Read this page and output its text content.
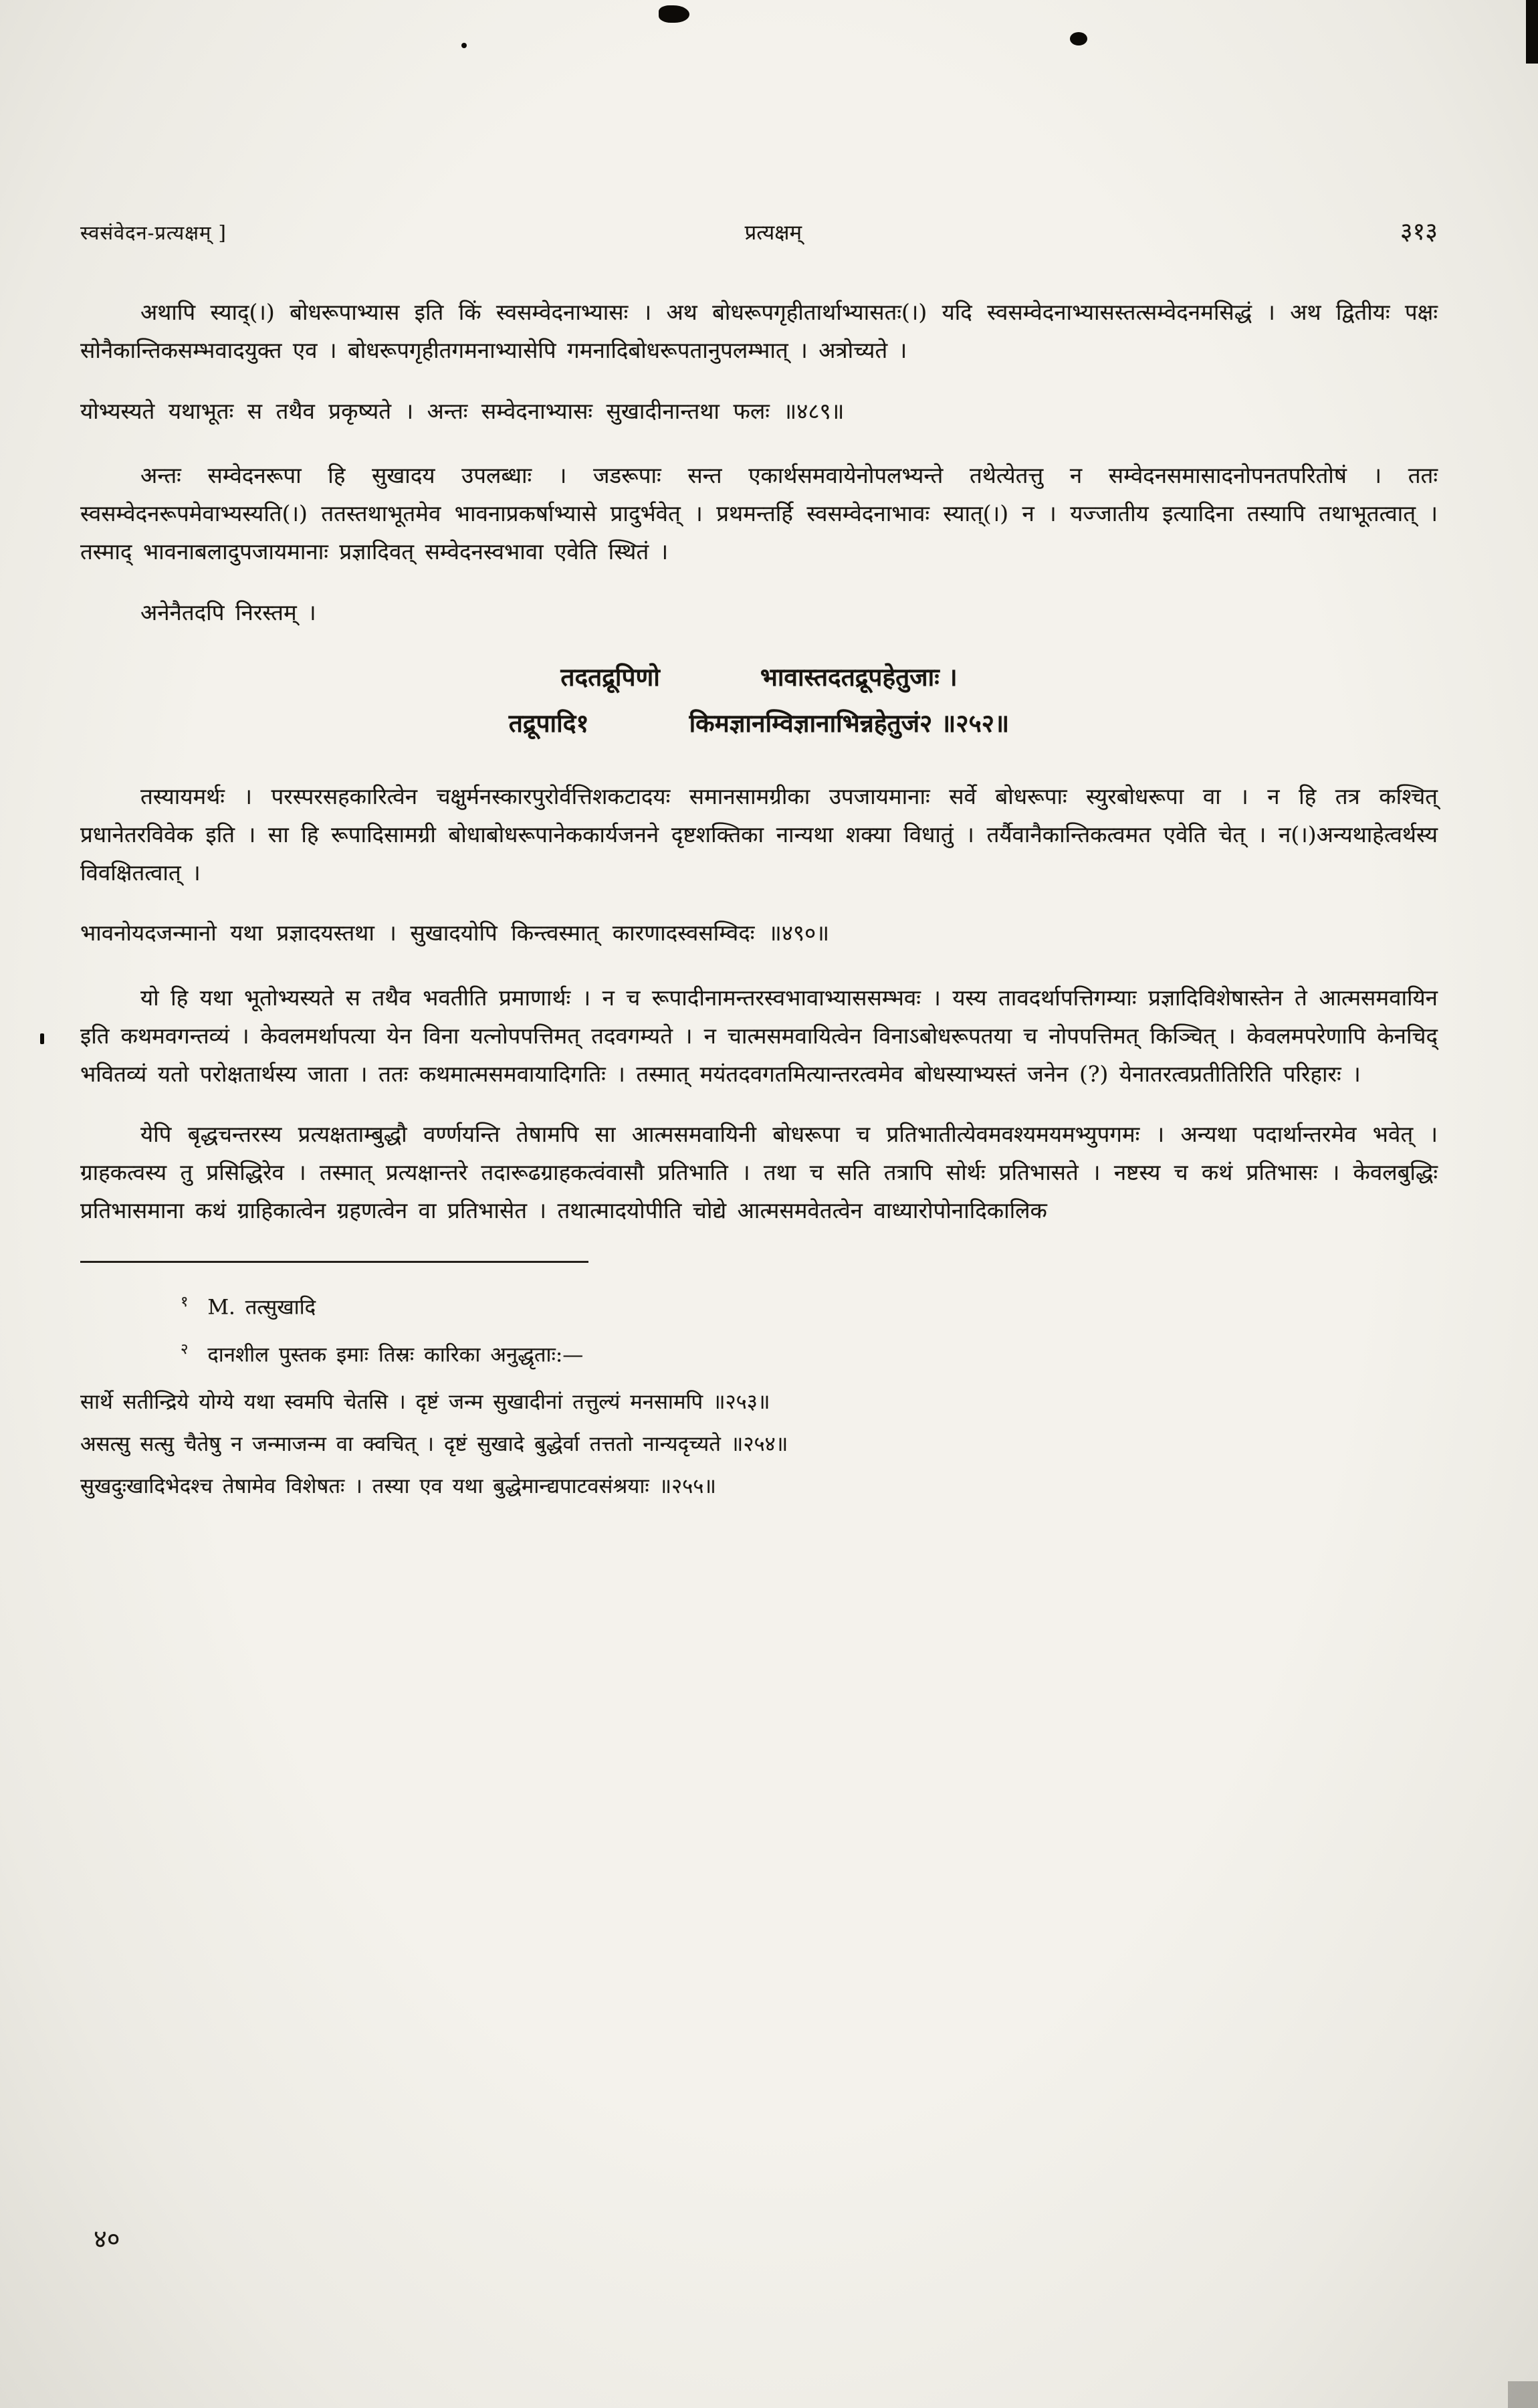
स्वसंवेदन-प्रत्यक्षम् ]	प्रत्यक्षम्	३१३

अथापि स्याद्(।) बोधरूपाभ्यास इति किं स्वसम्वेदनाभ्यासः । अथ बोधरूपगृहीतार्थाभ्यासतः(।) यदि स्वसम्वेदनाभ्यासस्तत्सम्वेदनमसिद्धं । अथ द्वितीयः पक्षः सोनैकान्तिकसम्भवादयुक्त एव । बोधरूपगृहीतगमनाभ्यासेपि गमनादिबोधरूपतानुपलम्भात् । अत्रोच्यते ।

योभ्यस्यते यथाभूतः स तथैव प्रकृष्यते । अन्तः सम्वेदनाभ्यासः सुखादीनान्तथा फलः ॥४८९॥

अन्तः सम्वेदनरूपा हि सुखादय उपलब्धाः । जडरूपाः सन्त एकार्थसमवायेनोपलभ्यन्ते तथेत्येतत्तु न सम्वेदनसमासादनोपनतपरितोषं । ततः स्वसम्वेदनरूपमेवाभ्यस्यति(।) ततस्तथाभूतमेव भावनाप्रकर्षाभ्यासे प्रादुर्भवेत् । प्रथमन्तर्हि स्वसम्वेदनाभावः स्यात्(।) न । यज्जातीय इत्यादिना तस्यापि तथाभूतत्वात् । तस्माद् भावनाबलादुपजायमानाः प्रज्ञादिवत् सम्वेदनस्वभावा एवेति स्थितं ।

अनेनैतदपि निरस्तम् ।

तदतद्रूपिणो	भावास्तदतद्रूपहेतुजाः ।
तद्रूपादि१	किमज्ञानम्विज्ञानाभिन्नहेतुजं२ ॥२५२॥

तस्यायमर्थः । परस्परसहकारित्वेन चक्षुर्मनस्कारपुरोर्वत्तिशकटादयः समानसामग्रीका उपजायमानाः सर्वे बोधरूपाः स्युरबोधरूपा वा । न हि तत्र कश्चित् प्रधानेतरविवेक इति । सा हि रूपादिसामग्री बोधाबोधरूपानेककार्यजनने दृष्टशक्तिका नान्यथा शक्या विधातुं । तर्यैवानैकान्तिकत्वमत एवेति चेत् । न(।)अन्यथाहेत्वर्थस्य विवक्षितत्वात् ।

भावनोयदजन्मानो यथा प्रज्ञादयस्तथा । सुखादयोपि किन्त्वस्मात् कारणादस्वसम्विदः ॥४९०॥

यो हि यथा भूतोभ्यस्यते स तथैव भवतीति प्रमाणार्थः । न च रूपादीनामन्तरस्वभावाभ्याससम्भवः । यस्य तावदर्थापत्तिगम्याः प्रज्ञादिविशेषास्तेन ते आत्मसमवायिन इति कथमवगन्तव्यं । केवलमर्थापत्या येन विना यत्नोपपत्तिमत् तदवगम्यते । न चात्मसमवायित्वेन विनाऽबोधरूपतया च नोपपत्तिमत् किञ्चित् । केवलमपरेणापि केनचिद् भवितव्यं यतो परोक्षतार्थस्य जाता । ततः कथमात्मसमवायादिगतिः । तस्मात् मयंतदवगतमित्यान्तरत्वमेव बोधस्याभ्यस्तं जनेन (?) येनातरत्वप्रतीतिरिति परिहारः ।

येपि बृद्धचन्तरस्य प्रत्यक्षताम्बुद्धौ वर्ण्णयन्ति तेषामपि सा आत्मसमवायिनी बोधरूपा च प्रतिभातीत्येवमवश्यमयमभ्युपगमः । अन्यथा पदार्थान्तरमेव भवेत् । ग्राहकत्वस्य तु प्रसिद्धिरेव । तस्मात् प्रत्यक्षान्तरे तदारूढग्राहकत्वंवासौ प्रतिभाति । तथा च सति तत्रापि सोर्थः प्रतिभासते । नष्टस्य च कथं प्रतिभासः । केवलबुद्धिः प्रतिभासमाना कथं ग्राहिकात्वेन ग्रहणत्वेन वा प्रतिभासेत । तथात्मादयोपीति चोद्ये आत्मसमवेतत्वेन वाध्यारोपोनादिकालिक

$^१$ M. तत्सुखादि

$^२$ दानशील पुस्तक इमाः तिस्रः कारिका अनुद्धृताः:—

सार्थे सतीन्द्रिये योग्ये यथा स्वमपि चेतसि । दृष्टं जन्म सुखादीनां तत्तुल्यं मनसामपि ॥२५३॥

असत्सु सत्सु चैतेषु न जन्माजन्म वा क्वचित् । दृष्टं सुखादे बुद्धेर्वा तत्ततो नान्यदृच्यते ॥२५४॥

सुखदुःखादिभेदश्च तेषामेव विशेषतः । तस्या एव यथा बुद्धेमान्द्यपाटवसंश्रयाः ॥२५५॥

४०
